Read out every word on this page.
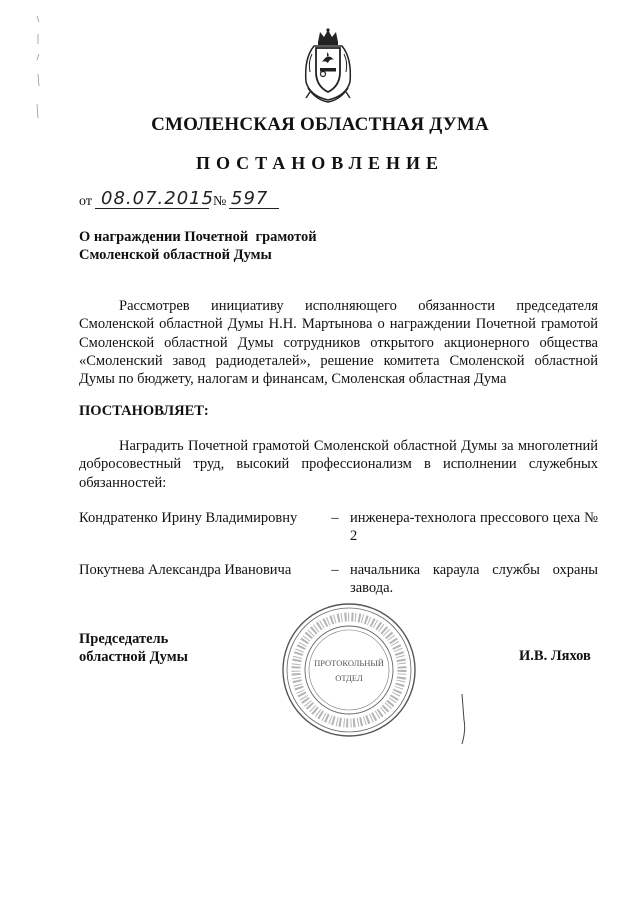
СМОЛЕНСКАЯ ОБЛАСТНАЯ ДУМА
ПОСТАНОВЛЕНИЕ
от 08.07.2015
№ 597
О награждении Почетной  грамотой
Смоленской областной Думы
Рассмотрев инициативу исполняющего обязанности председателя Смоленской областной Думы Н.Н. Мартынова о награждении Почетной грамотой Смоленской областной Думы сотрудников открытого акционерного общества «Смоленский завод радиодеталей», решение комитета Смоленской областной Думы по бюджету, налогам и финансам, Смоленская областная Дума
ПОСТАНОВЛЯЕТ:
Наградить Почетной грамотой Смоленской областной Думы за многолетний добросовестный труд, высокий профессионализм в исполнении служебных обязанностей:
Кондратенко Ирину Владимировну	– инженера-технолога прессового цеха № 2
Покутнева Александра Ивановича	– начальника караула службы охраны завода.
ПРОТОКОЛЬНЫЙ
ОТДЕЛ
Председатель
областной Думы	И.В. Ляхов
